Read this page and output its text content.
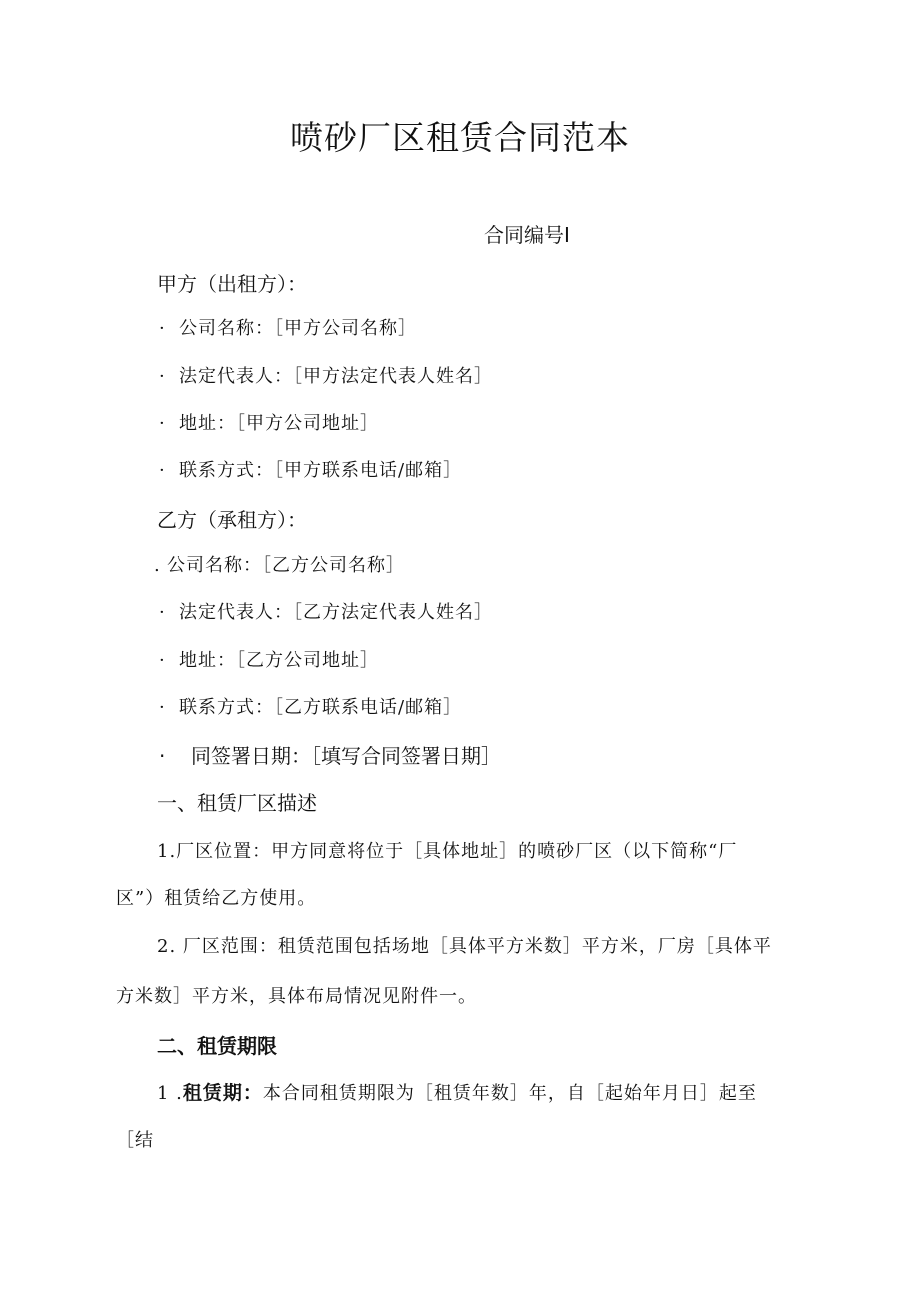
喷砂厂区租赁合同范本
合同编号I
甲方（出租方）：
· 公司名称：［甲方公司名称］
· 法定代表人：［甲方法定代表人姓名］
· 地址：［甲方公司地址］
· 联系方式：［甲方联系电话/邮箱］
乙方（承租方）：
. 公司名称：［乙方公司名称］
· 法定代表人：［乙方法定代表人姓名］
· 地址：［乙方公司地址］
· 联系方式：［乙方联系电话/邮箱］
· 同签署日期：［填写合同签署日期］
一、租赁厂区描述
1.厂区位置：甲方同意将位于［具体地址］的喷砂厂区（以下简称“厂
区”）租赁给乙方使用。
2. 厂区范围：租赁范围包括场地［具体平方米数］平方米，厂房［具体平
方米数］平方米，具体布局情况见附件一。
二、租赁期限
1 .租赁期：本合同租赁期限为［租赁年数］年，自［起始年月日］起至
［结
